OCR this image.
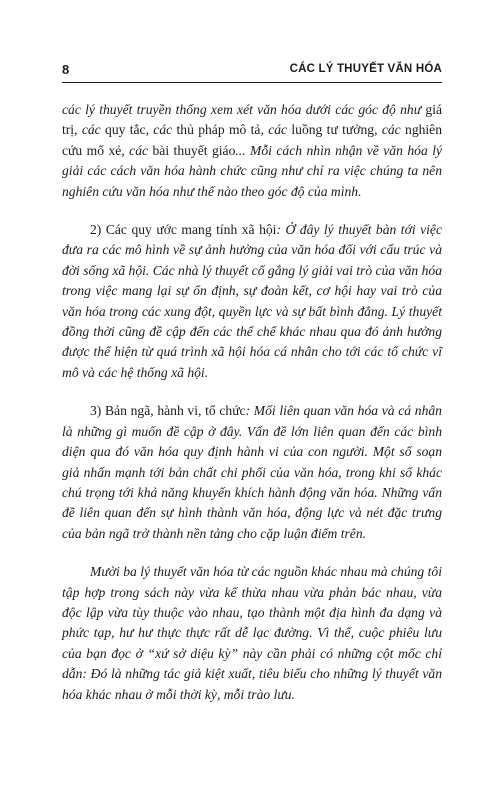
8	CÁC LÝ THUYẾT VĂN HÓA

các lý thuyết truyền thống xem xét văn hóa dưới các góc độ như giá trị, các quy tắc, các thủ pháp mô tả, các luồng tư tưởng, các nghiên cứu mổ xẻ, các bài thuyết giáo... Mỗi cách nhìn nhận về văn hóa lý giải các cách văn hóa hành chức cũng như chỉ ra việc chúng ta nên nghiên cứu văn hóa như thế nào theo góc độ của mình.

2) Các quy ước mang tính xã hội: Ở đây lý thuyết bàn tới việc đưa ra các mô hình về sự ảnh hưởng của văn hóa đối với cấu trúc và đời sống xã hội. Các nhà lý thuyết cố gắng lý giải vai trò của văn hóa trong việc mang lại sự ổn định, sự đoàn kết, cơ hội hay vai trò của văn hóa trong các xung đột, quyền lực và sự bất bình đẳng. Lý thuyết đồng thời cũng đề cập đến các thể chế khác nhau qua đó ảnh hưởng được thể hiện từ quá trình xã hội hóa cá nhân cho tới các tổ chức vĩ mô và các hệ thống xã hội.

3) Bản ngã, hành vi, tổ chức: Mối liên quan văn hóa và cá nhân là những gì muốn đề cập ở đây. Vấn đề lớn liên quan đến các bình diện qua đó văn hóa quy định hành vi của con người. Một số soạn giả nhấn mạnh tới bản chất chi phối của văn hóa, trong khi số khác chú trọng tới khả năng khuyến khích hành động văn hóa. Những vấn đề liên quan đến sự hình thành văn hóa, động lực và nét đặc trưng của bản ngã trở thành nền tảng cho cặp luận điểm trên.

Mười ba lý thuyết văn hóa từ các nguồn khác nhau mà chúng tôi tập hợp trong sách này vừa kế thừa nhau vừa phản bác nhau, vừa độc lập vừa tùy thuộc vào nhau, tạo thành một địa hình đa dạng và phức tạp, hư hư thực thực rất dễ lạc đường. Vì thế, cuộc phiêu lưu của bạn đọc ở “xứ sở diệu kỳ” này cần phải có những cột mốc chỉ dẫn: Đó là những tác giả kiệt xuất, tiêu biểu cho những lý thuyết văn hóa khác nhau ở mỗi thời kỳ, mỗi trào lưu.
